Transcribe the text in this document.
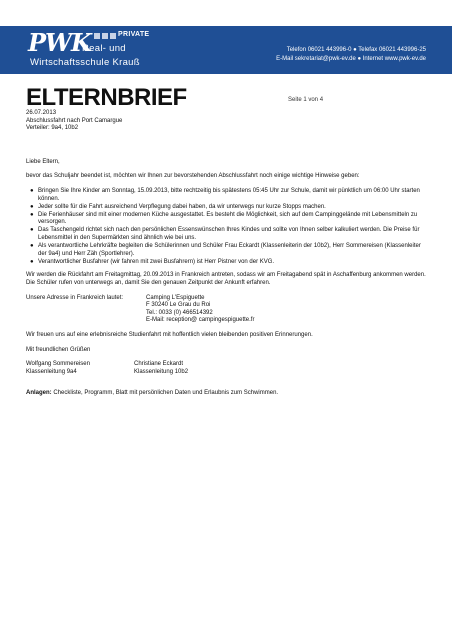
PWK	PRIVATE
Real- und
Wirtschaftsschule Krauß
Telefon 06021 443996-0 ● Telefax 06021 443996-25
E-Mail sekretariat@pwk-ev.de ● Internet www.pwk-ev.de
ELTERNBRIEF	Seite 1 von 4

26.07.2013
Abschlussfahrt nach Port Camargue
Verteiler: 9a4, 10b2

Liebe Eltern,

bevor das Schuljahr beendet ist, möchten wir Ihnen zur bevorstehenden Abschlussfahrt noch einige wichtige Hinweise geben:

● Bringen Sie Ihre Kinder am Sonntag, 15.09.2013, bitte rechtzeitig bis spätestens 05:45 Uhr zur Schule, damit wir pünktlich um 06:00 Uhr starten können.
● Jeder sollte für die Fahrt ausreichend Verpflegung dabei haben, da wir unterwegs nur kurze Stopps machen.
● Die Ferienhäuser sind mit einer modernen Küche ausgestattet. Es besteht die Möglichkeit, sich auf dem Campinggelände mit Lebensmitteln zu versorgen.
● Das Taschengeld richtet sich nach den persönlichen Essenswünschen Ihres Kindes und sollte von Ihnen selber kalkuliert werden. Die Preise für Lebensmittel in den Supermärkten sind ähnlich wie bei uns.
● Als verantwortliche Lehrkräfte begleiten die Schülerinnen und Schüler Frau Eckardt (Klassenleiterin der 10b2), Herr Sommereisen (Klassenleiter der 9a4) und Herr Zäh (Sportlehrer).
● Verantwortlicher Busfahrer (wir fahren mit zwei Busfahrern) ist Herr Pistner von der KVG.

Wir werden die Rückfahrt am Freitagmittag, 20.09.2013 in Frankreich antreten, sodass wir am Freitagabend spät in Aschaffenburg ankommen werden. Die Schüler rufen von unterwegs an, damit Sie den genauen Zeitpunkt der Ankunft erfahren.

Unsere Adresse in Frankreich lautet:	Camping L'Espiguette
F 30240 Le Grau du Roi
Tel.: 0033 (0) 466514392
E-Mail: reception@ campingespiguette.fr

Wir freuen uns auf eine erlebnisreiche Studienfahrt mit hoffentlich vielen bleibenden positiven Erinnerungen.

Mit freundlichen Grüßen

Wolfgang Sommereisen
Klassenleitung 9a4
Christiane Eckardt
Klassenleitung 10b2

Anlagen: Checkliste, Programm, Blatt mit persönlichen Daten und Erlaubnis zum Schwimmen.
